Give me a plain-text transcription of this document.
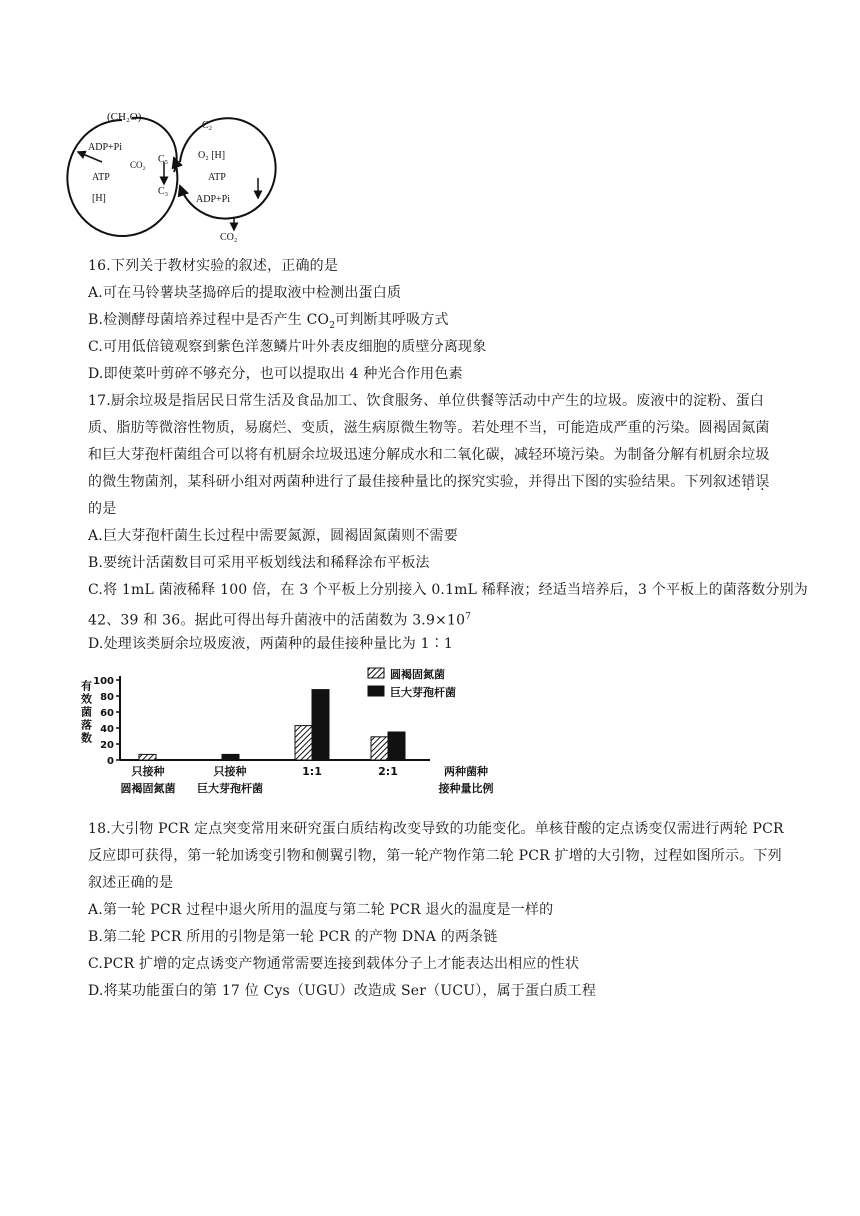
(CH₂O)
ADP+Pi
CO₂ C₅
ATP
C₃
[H]
C₂
O₂ [H]
ATP
ADP+Pi
CO₂
16.下列关于教材实验的叙述，正确的是
A.可在马铃薯块茎捣碎后的提取液中检测出蛋白质
B.检测酵母菌培养过程中是否产生 $CO_2$可判断其呼吸方式
C.可用低倍镜观察到紫色洋葱鳞片叶外表皮细胞的质壁分离现象
D.即使菜叶剪碎不够充分，也可以提取出 4 种光合作用色素
17.厨余垃圾是指居民日常生活及食品加工、饮食服务、单位供餐等活动中产生的垃圾。废液中的淀粉、蛋白
质、脂肪等微溶性物质，易腐烂、变质，滋生病原微生物等。若处理不当，可能造成严重的污染。圆褐固氮菌
和巨大芽孢杆菌组合可以将有机厨余垃圾迅速分解成水和二氧化碳，减轻环境污染。为制备分解有机厨余垃圾
的微生物菌剂，某科研小组对两菌种进行了最佳接种量比的探究实验，并得出下图的实验结果。下列叙述错误
的是
A.巨大芽孢杆菌生长过程中需要氮源，圆褐固氮菌则不需要
B.要统计活菌数目可采用平板划线法和稀释涂布平板法
C.将 1mL 菌液稀释 100 倍，在 3 个平板上分别接入 0.1mL 稀释液；经适当培养后，3 个平板上的菌落数分别为
42、39 和 36。据此可得出每升菌液中的活菌数为 $3.9\times 10^7$
D.处理该类厨余垃圾废液，两菌种的最佳接种量比为 1∶1
0
20
40
60
80
100
有效菌落数
只接种
圆褐固氮菌
只接种
巨大芽孢杆菌
1:1	2:1	两种菌种
接种量比例
圆褐固氮菌
巨大芽孢杆菌
18.大引物 PCR 定点突变常用来研究蛋白质结构改变导致的功能变化。单核苷酸的定点诱变仅需进行两轮 PCR
反应即可获得，第一轮加诱变引物和侧翼引物，第一轮产物作第二轮 PCR 扩增的大引物，过程如图所示。下列
叙述正确的是
A.第一轮 PCR 过程中退火所用的温度与第二轮 PCR 退火的温度是一样的
B.第二轮 PCR 所用的引物是第一轮 PCR 的产物 DNA 的两条链
C.PCR 扩增的定点诱变产物通常需要连接到载体分子上才能表达出相应的性状
D.将某功能蛋白的第 17 位 Cys（UGU）改造成 Ser（UCU），属于蛋白质工程
